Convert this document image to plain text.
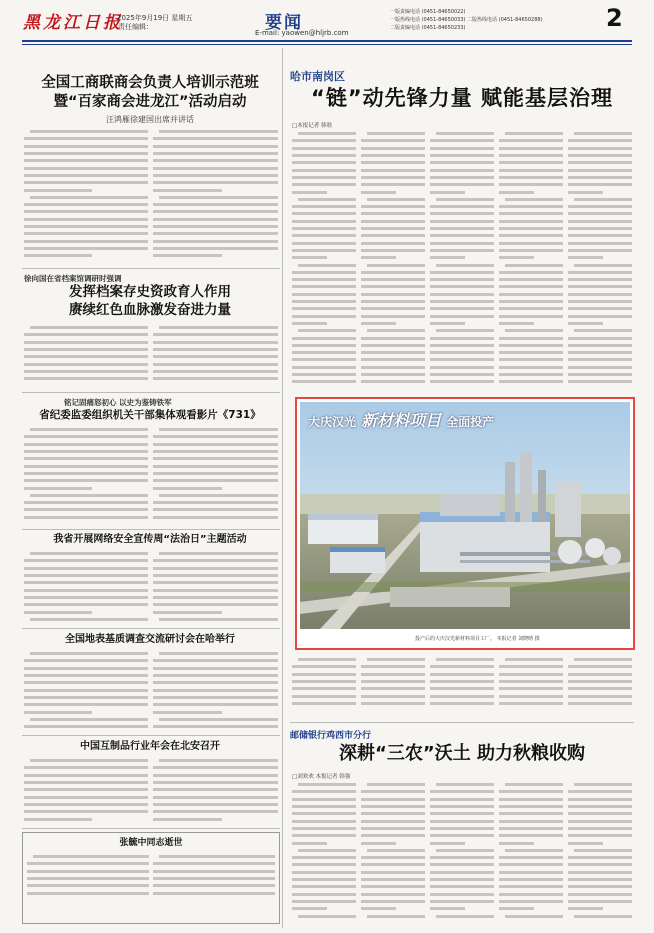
黑龙江日报
2025年9月19日 星期五
责任编辑：	要闻
E-mail: yaowen@hljrb.com
一版责编电话 (0451-84650022)
一版热线电话 (0451-84650033) 二版热线电话 (0451-84650288)
二版责编电话 (0451-84650233)	2
全国工商联商会负责人培训示范班
暨“百家商会进龙江”活动启动
汪鸿雁徐建国出席并讲话
徐向国在省档案馆调研时强调
发挥档案存史资政育人作用
赓续红色血脉激发奋进力量
铭记固痛怒初心 以史为鉴铸铁军
省纪委监委组织机关干部集体观看影片《731》
我省开展网络安全宣传周“法治日”主题活动
全国地表基质调查交流研讨会在哈举行
中国互制品行业年会在北安召开
张毓中同志逝世
哈市南岗区
“链”动先锋力量 赋能基层治理
□本报记者 韩晗
大庆汉光 新材料项目 全面投产
投产后的大庆汉光新材料项目工厂。 本报记者 刘晓晴 摄
邮储银行鸡西市分行
深耕“三农”沃土 助力秋粮收购
□刘欢欢 本报记者 韩强
